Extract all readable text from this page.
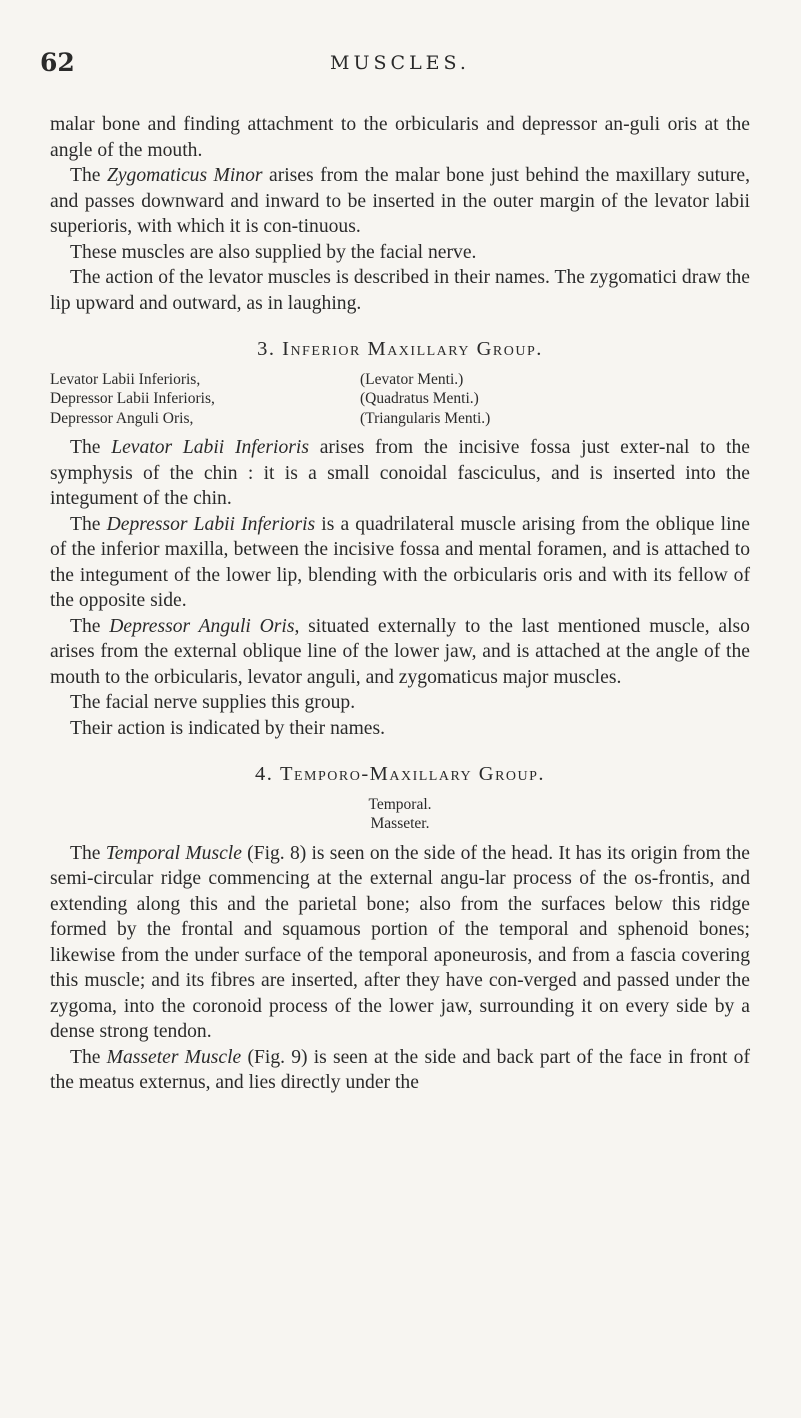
62	MUSCLES.

malar bone and finding attachment to the orbicularis and depressor an-guli oris at the angle of the mouth.

The Zygomaticus Minor arises from the malar bone just behind the maxillary suture, and passes downward and inward to be inserted in the outer margin of the levator labii superioris, with which it is con-tinuous.

These muscles are also supplied by the facial nerve.

The action of the levator muscles is described in their names. The zygomatici draw the lip upward and outward, as in laughing.

3. Inferior Maxillary Group.
Levator Labii Inferioris,	(Levator Menti.)
Depressor Labii Inferioris,	(Quadratus Menti.)
Depressor Anguli Oris,	(Triangularis Menti.)

The Levator Labii Inferioris arises from the incisive fossa just exter-nal to the symphysis of the chin : it is a small conoidal fasciculus, and is inserted into the integument of the chin.

The Depressor Labii Inferioris is a quadrilateral muscle arising from the oblique line of the inferior maxilla, between the incisive fossa and mental foramen, and is attached to the integument of the lower lip, blending with the orbicularis oris and with its fellow of the opposite side.

The Depressor Anguli Oris, situated externally to the last mentioned muscle, also arises from the external oblique line of the lower jaw, and is attached at the angle of the mouth to the orbicularis, levator anguli, and zygomaticus major muscles.

The facial nerve supplies this group.

Their action is indicated by their names.

4. Temporo-Maxillary Group.
Temporal.
Masseter.

The Temporal Muscle (Fig. 8) is seen on the side of the head. It has its origin from the semi-circular ridge commencing at the external angu-lar process of the os-frontis, and extending along this and the parietal bone; also from the surfaces below this ridge formed by the frontal and squamous portion of the temporal and sphenoid bones; likewise from the under surface of the temporal aponeurosis, and from a fascia covering this muscle; and its fibres are inserted, after they have con-verged and passed under the zygoma, into the coronoid process of the lower jaw, surrounding it on every side by a dense strong tendon.

The Masseter Muscle (Fig. 9) is seen at the side and back part of the face in front of the meatus externus, and lies directly under the
